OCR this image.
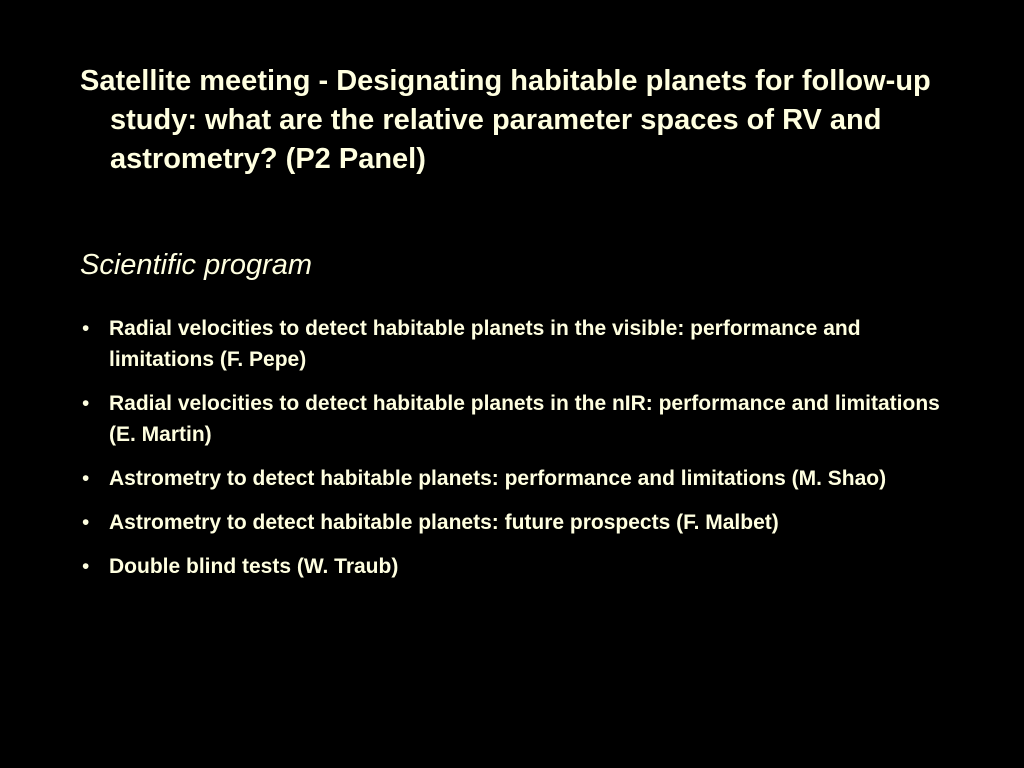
Satellite meeting - Designating habitable planets for follow-up study: what are the relative parameter spaces of RV and astrometry? (P2 Panel)
Scientific program
• Radial velocities to detect habitable planets in the visible: performance and limitations (F. Pepe)
• Radial velocities to detect habitable planets in the nIR: performance and limitations (E. Martin)
• Astrometry to detect habitable planets: performance and limitations (M. Shao)
• Astrometry to detect habitable planets: future prospects (F. Malbet)
• Double blind tests (W. Traub)
